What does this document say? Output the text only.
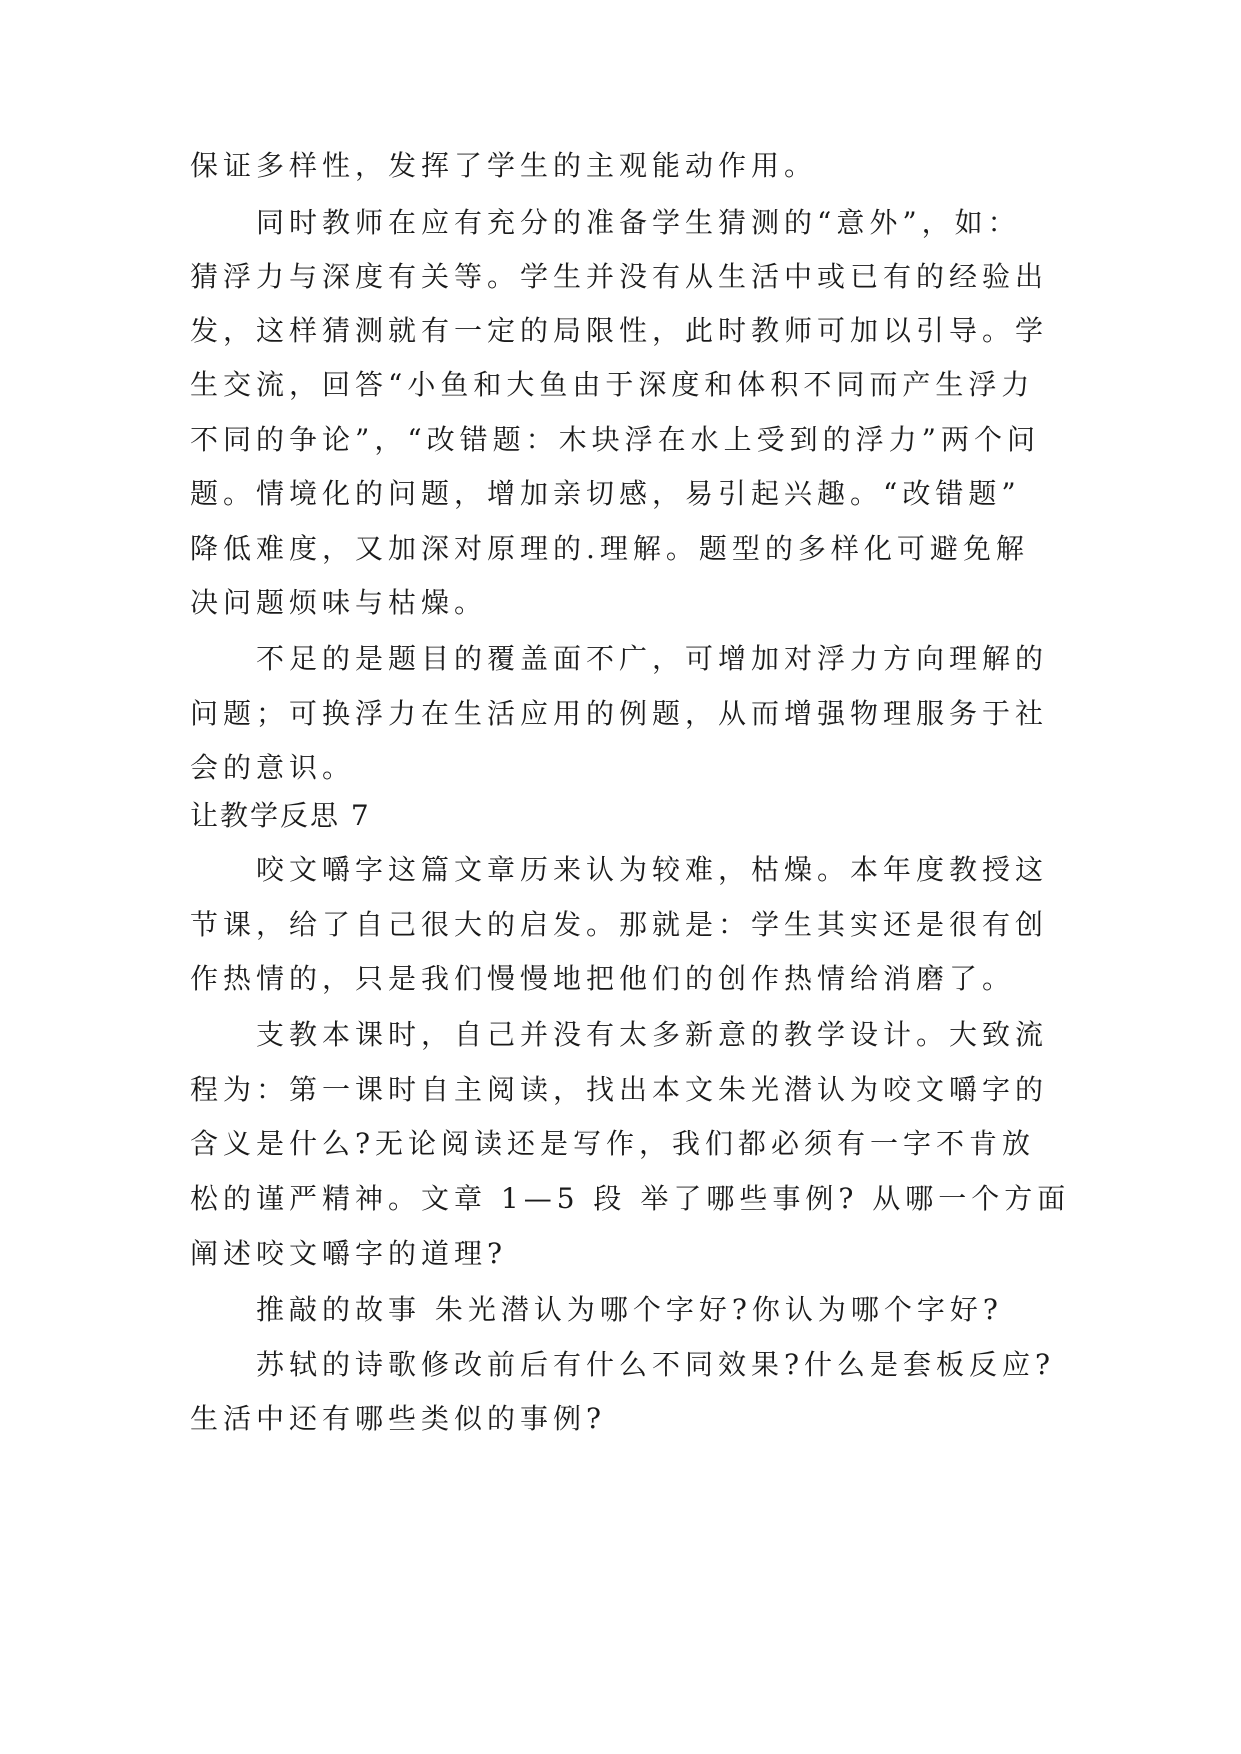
保证多样性，发挥了学生的主观能动作用。
同时教师在应有充分的准备学生猜测的“意外”，如：
猜浮力与深度有关等。学生并没有从生活中或已有的经验出
发，这样猜测就有一定的局限性，此时教师可加以引导。学
生交流，回答“小鱼和大鱼由于深度和体积不同而产生浮力
不同的争论”，“改错题：木块浮在水上受到的浮力”两个问
题。情境化的问题，增加亲切感，易引起兴趣。“改错题”
降低难度，又加深对原理的.理解。题型的多样化可避免解
决问题烦味与枯燥。
不足的是题目的覆盖面不广，可增加对浮力方向理解的
问题；可换浮力在生活应用的例题，从而增强物理服务于社
会的意识。
让教学反思 7
咬文嚼字这篇文章历来认为较难，枯燥。本年度教授这
节课，给了自己很大的启发。那就是：学生其实还是很有创
作热情的，只是我们慢慢地把他们的创作热情给消磨了。
支教本课时，自己并没有太多新意的教学设计。大致流
程为：第一课时自主阅读，找出本文朱光潜认为咬文嚼字的
含义是什么?无论阅读还是写作，我们都必须有一字不肯放
松的谨严精神。文章 1—5 段 举了哪些事例? 从哪一个方面
阐述咬文嚼字的道理?
推敲的故事 朱光潜认为哪个字好?你认为哪个字好?
苏轼的诗歌修改前后有什么不同效果?什么是套板反应?
生活中还有哪些类似的事例?
